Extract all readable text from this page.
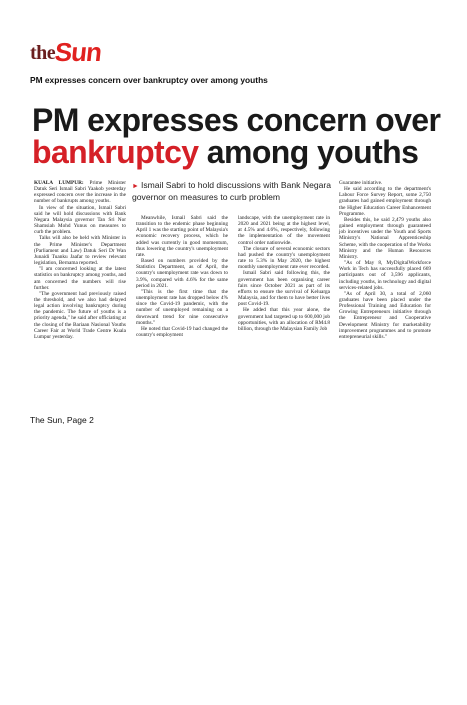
the
Sun
PM expresses concern over bankruptcy over among youths
PM expresses concern over
bankruptcy among youths
► Ismail Sabri to hold discussions with Bank Negara governor on measures to curb problem

KUALA LUMPUR: Prime Minister Datuk Seri Ismail Sabri Yaakob yesterday expressed concern over the increase in the number of bankrupts among youths.

In view of the situation, Ismail Sabri said he will hold discussions with Bank Negara Malaysia governor Tan Sri Nor Shamsiah Mohd Yunus on measures to curb the problem.

Talks will also be held with Minister in the Prime Minister's Department (Parliament and Law) Datuk Seri Dr Wan Junaidi Tuanku Jaafar to review relevant legislation, Bernama reported.

"I am concerned looking at the latest statistics on bankruptcy among youths, and am concerned the numbers will rise further.

"The government had previously raised the threshold, and we also had delayed legal action involving bankruptcy during the pandemic. The future of youths is a priority agenda," he said after officiating at the closing of the Bariaan Nasional Youths Career Fair at World Trade Centre Kuala Lumpur yesterday.

Meanwhile, Ismail Sabri said the transition to the endemic phase beginning April 1 was the starting point of Malaysia's economic recovery process, which he added was currently in good momentum, thus lowering the country's unemployment rate.

Based on numbers provided by the Statistics Department, as of April, the country's unemployment rate was down to 3.9%, compared with 4.6% for the same period in 2021.

"This is the first time that the unemployment rate has dropped below 4% since the Covid-19 pandemic, with the number of unemployed remaining on a downward trend for nine consecutive months."

He noted that Covid-19 had changed the country's employment

landscape, with the unemployment rate in 2020 and 2021 being at the highest level, at 4.5% and 4.6%, respectively, following the implementation of the movement control order nationwide.

The closure of several economic sectors had pushed the country's unemployment rate to 5.3% in May 2020, the highest monthly unemployment rate ever recorded.

Ismail Sabri said following this, the government has been organising career fairs since October 2021 as part of its efforts to ensure the survival of Keluarga Malaysia, and for them to have better lives post Covid-19.

He added that this year alone, the government had targeted up to 600,000 job opportunities, with an allocation of RM4.8 billion, through the Malaysian Family Job

Guarantee initiative.

He said according to the department's Labour Force Survey Report, some 2,750 graduates had gained employment through the Higher Education Career Enhancement Programme.

Besides this, he said 2,479 youths also gained employment through guaranteed job incentives under the Youth and Sports Ministry's National Apprenticeship Scheme, with the cooperation of the Works Ministry and the Human Resources Ministry.

"As of May 8, MyDigitalWorkforce Work in Tech has successfully placed 669 participants out of 3,596 applicants, including youths, in technology and digital services-related jobs.

"As of April 30, a total of 2,060 graduates have been placed under the Professional Training and Education for Growing Entrepreneurs initiative through the Entrepreneur and Cooperative Development Ministry for marketability improvement programmes and to promote entrepreneurial skills."

The Sun, Page 2
